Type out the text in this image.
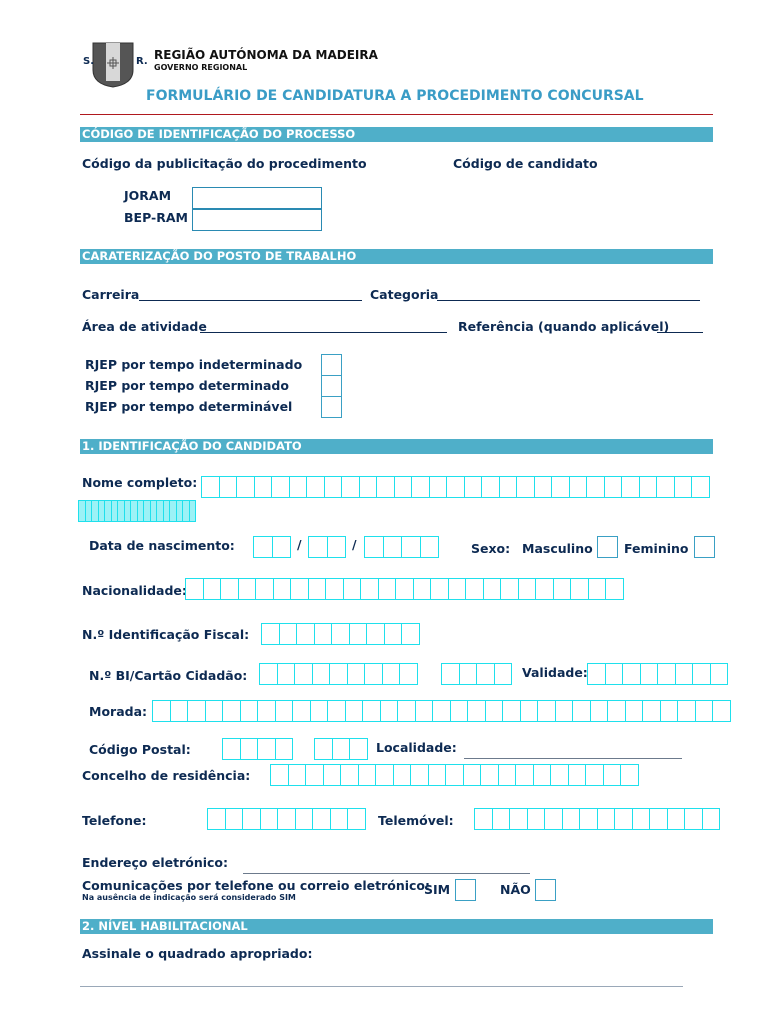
S.	R. REGIÃO AUTÓNOMA DA MADEIRA
GOVERNO REGIONAL
FORMULÁRIO DE CANDIDATURA A PROCEDIMENTO CONCURSAL
CÓDIGO DE IDENTIFICAÇÃO DO PROCESSO
Código da publicitação do procedimento	Código de candidato
JORAM
BEP-RAM
CARATERIZAÇÃO DO POSTO DE TRABALHO
Carreira	Categoria
Área de atividade	Referência (quando aplicável)
RJEP por tempo indeterminado
RJEP por tempo determinado
RJEP por tempo determinável
1. IDENTIFICAÇÃO DO CANDIDATO
Nome completo:
Data de nascimento:	/	/	Sexo: Masculino	Feminino
Nacionalidade:
N.º Identificação Fiscal:
N.º BI/Cartão Cidadão:	Validade:
Morada:
Código Postal:	Localidade:
Concelho de residência:
Telefone:	Telemóvel:
Endereço eletrónico:
Comunicações por telefone ou correio eletrónico:
Na ausência de indicação será considerado SIM
SIM	NÃO
2. NÍVEL HABILITACIONAL
Assinale o quadrado apropriado:
